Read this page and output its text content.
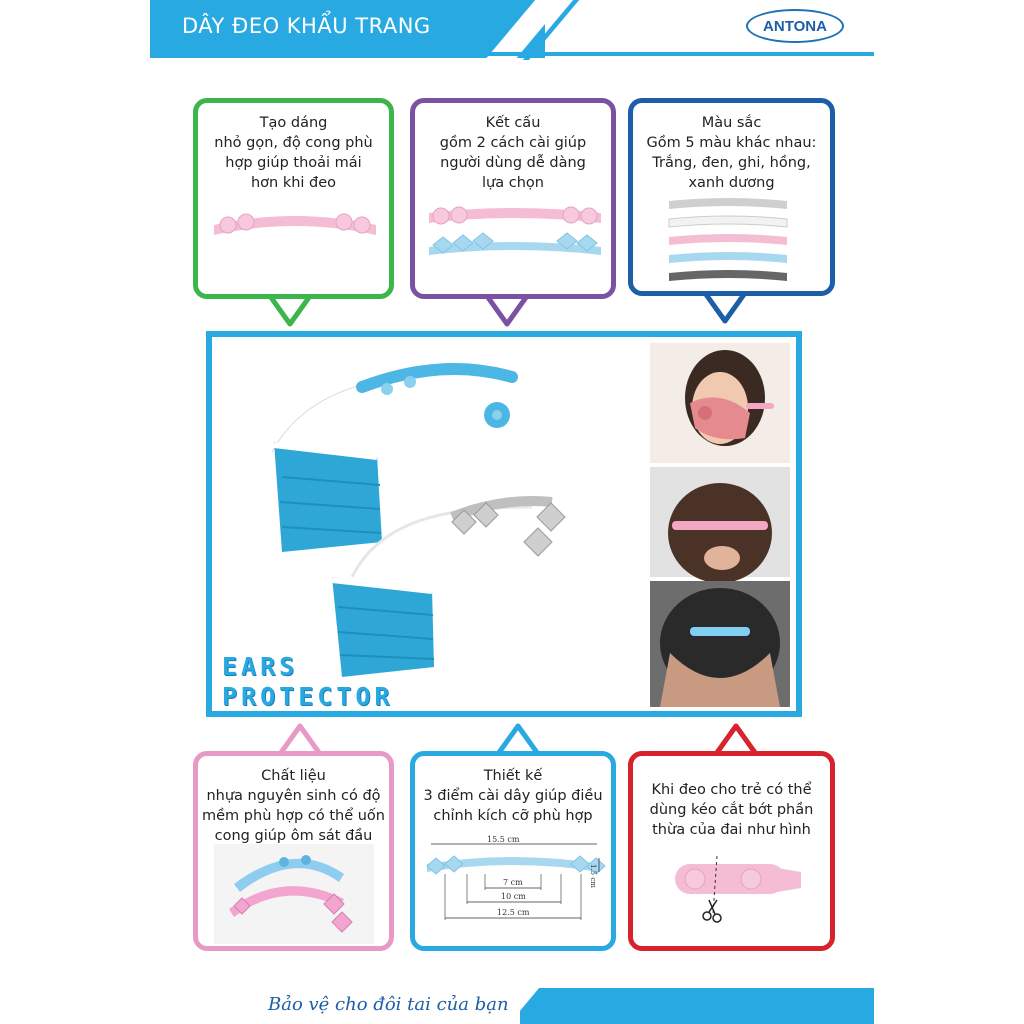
DÂY ĐEO KHẨU TRANG	ANTONA
Tạo dáng
nhỏ gọn, độ cong phù
hợp giúp thoải mái
hơn khi đeo
Kết cấu
gồm 2 cách cài giúp
người dùng dễ dàng
lựa chọn
Màu sắc
Gồm 5 màu khác nhau:
Trắng, đen, ghi, hồng,
xanh dương
EARS
PROTECTOR
Chất liệu
nhựa nguyên sinh có độ
mềm phù hợp có thể uốn
cong giúp ôm sát đầu
Thiết kế
3 điểm cài dây giúp điều
chỉnh kích cỡ phù hợp
15.5 cm
1.5 cm
7 cm
10 cm
12.5 cm
Khi đeo cho trẻ có thể
dùng kéo cắt bớt phần
thừa của đai như hình
Bảo vệ cho đôi tai của bạn
